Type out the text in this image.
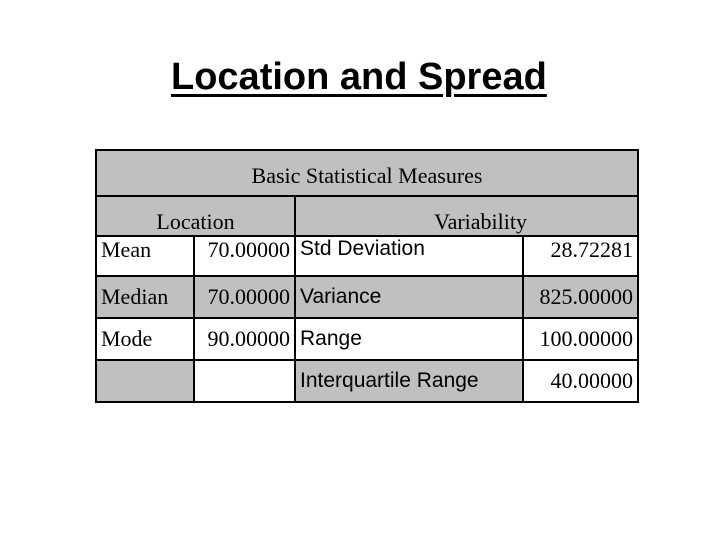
Location and Spread
Basic Statistical Measures			
Location		Variability	
Mean	70.00000	Std Deviation	28.72281
Median	70.00000	Variance	825.00000
Mode	90.00000	Range	100.00000
		Interquartile Range	40.00000
